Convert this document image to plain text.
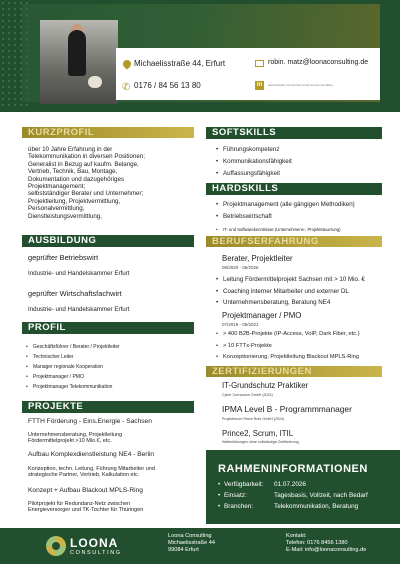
Michaelisstraße 44, Erfurt
✆ 0176 / 84 56 13 80
robin. matz@loonaconsulting.de
in	www.linkedin.com/in/robin-matz-loona-consulting
KURZPROFIL
über 10 Jahre Erfahrung in der
Telekommunikation in diversen Positionen;
Generalist in Bezug auf kaufm. Belange,
Vertrieb, Technik, Bau, Montage,
Dokumentation und dazugehöriges
Projektmanagement;
selbstständiger Berater und Unternehmer;
Projektleitung, Projektvermittlung,
Personalvermittlung,
Dienstleistungsvermittlung,
AUSBILDUNG
geprüfter Betriebswirt
Industrie- und Handelskammer Erfurt
geprüfter Wirtschaftsfachwirt
Industrie- und Handelskammer Erfurt
PROFIL
• Geschäftsführer / Berater / Projektleiter
• Technischer Leiter
• Manager regionale Kooperation
• Projektmanager / PMO
• Projektmanager Telekommunikation
PROJEKTE
FTTH Förderung - Eins.Energie - Sachsen
Unternehmensberatung, Projektleitung
Fördermittelprojekt >10 Mio.€, etc.
Aufbau Komplexdienstleistung NE4 - Berlin
Konzeption, techn. Leitung, Führung Mitarbeiter und
strategische Partner, Vertrieb, Kalkulation etc.
Konzept + Aufbau Blackout MPLS-Ring
Pilotprojekt für Redundanz-Netz zwischen
Energieversorger und TK-Tochter für Thüringen
SOFTSKILLS
• Führungskompetenz
• Kommunikationsfähigkeit
• Auffassungsfähigkeit
HARDSKILLS
• Projektmanagement (alle gängigen Methodiken)
• Betriebswirtschaft
• IT- und Softwarekenntnisse (Unternehmens-, Projektsteuerung)
BERUFSERFAHRUNG
Berater, Projektleiter
08/2020 - 06/2026
• Leitung Fördermittelprojekt Sachsen mit > 10 Mio. €
• Coaching interner Mitarbeiter und externer DL
• Unternehmensberatung, Beratung NE4
Projektmanager / PMO
07/2019 - 06/2021
• > 400 B2B-Projekte (IP-Access, VoIP, Dark Fiber, etc.)
• > 10 FTTx-Projekte
• Konzeptionierung, Projektleitung Blackout MPLS-Ring
ZERTIFIZIERUNGEN
IT-Grundschutz Praktiker
Cyber Curriculum GmbH (2024)
IPMA Level B - Programmmanager
Projektforum Rhein Ruhr GmbH (2024)
Prince2, Scrum, ITIL
Weiterbildungen ohne vollständige Zertifizierung
RAHMENINFORMATIONEN
• Verfügbarkeit: 01.07.2026
• Einsatz:	Tagesbasis, Vollzeit, nach Bedarf
• Branchen:	Telekommunikation, Beratung
LOONA
CONSULTING
Loona Consulting
Michaelisstraße 44
99084 Erfurt
Kontakt:
Telefon: 0176 8456 1380
E-Mail: info@loonaconsulting.de
